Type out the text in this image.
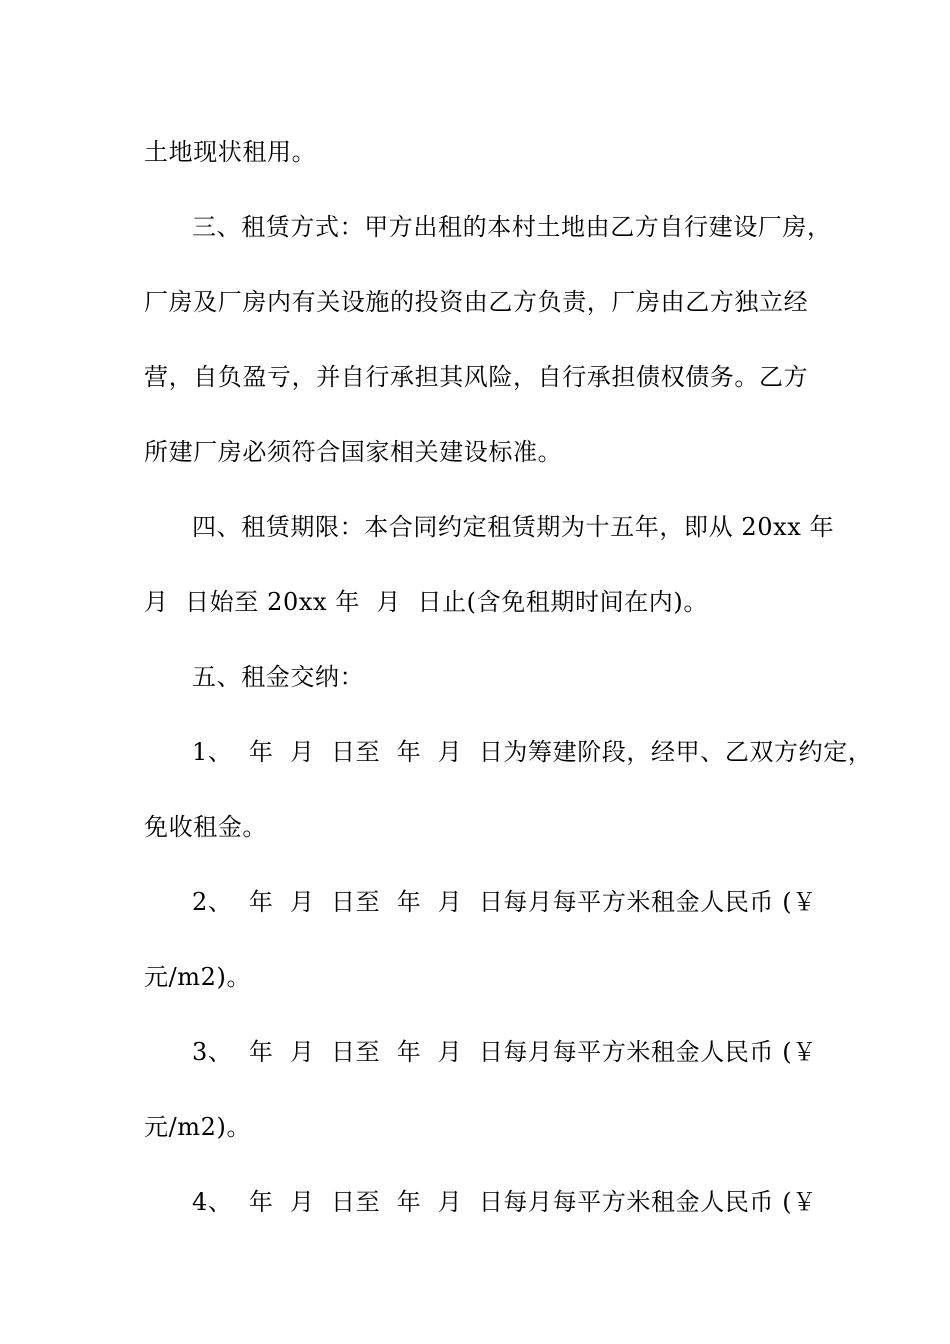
土地现状租用。
三、租赁方式：甲方出租的本村土地由乙方自行建设厂房，
厂房及厂房内有关设施的投资由乙方负责，厂房由乙方独立经
营，自负盈亏，并自行承担其风险，自行承担债权债务。乙方
所建厂房必须符合国家相关建设标准。
四、租赁期限：本合同约定租赁期为十五年，即从 20xx 年
月  日始至 20xx 年  月  日止(含免租期时间在内)。
五、租金交纳：
1、  年  月  日至  年  月  日为筹建阶段，经甲、乙双方约定，
免收租金。
2、  年  月  日至  年  月  日每月每平方米租金人民币 (￥
元/m2)。
3、  年  月  日至  年  月  日每月每平方米租金人民币 (￥
元/m2)。
4、  年  月  日至  年  月  日每月每平方米租金人民币 (￥
